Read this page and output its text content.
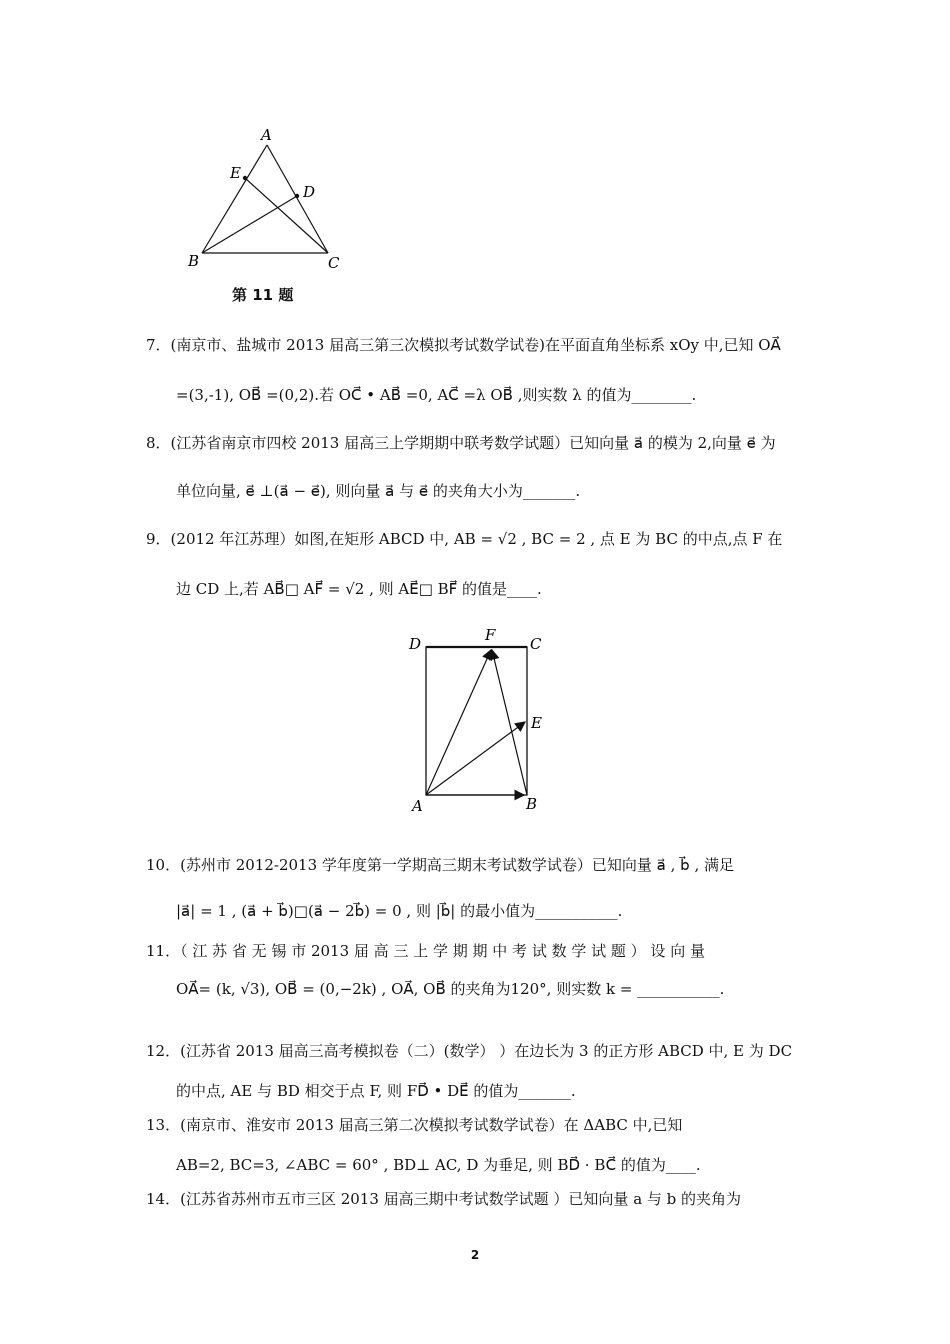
A
E
D
B	C
第 11 题
7．(南京市、盐城市 2013 届高三第三次模拟考试数学试卷)在平面直角坐标系 xOy 中,已知 OA⃗
=(3,-1), OB⃗ =(0,2).若 OC⃗ • AB⃗ =0, AC⃗ =λ OB⃗ ,则实数 λ 的值为________.
8．(江苏省南京市四校 2013 届高三上学期期中联考数学试题）已知向量 a⃗ 的模为 2,向量 e⃗ 为
单位向量, e⃗ ⊥(a⃗ − e⃗), 则向量 a⃗ 与 e⃗ 的夹角大小为_______.
9．(2012 年江苏理）如图,在矩形 ABCD 中, AB = √2 , BC = 2 , 点 E 为 BC 的中点,点 F 在
边 CD 上,若 AB⃗□ AF⃗ = √2 , 则 AE⃗□ BF⃗ 的值是____.
D	F C
E
A	B
10．(苏州市 2012-2013 学年度第一学期高三期末考试数学试卷）已知向量 a⃗ , b⃗ , 满足
|a⃗| = 1 , (a⃗ + b⃗)□(a⃗ − 2b⃗) = 0 , 则 |b⃗| 的最小值为___________.
11．（ 江 苏 省 无 锡 市 2013 届 高 三 上 学 期 期 中 考 试 数 学 试 题 ） 设 向 量
OA⃗= (k, √3), OB⃗ = (0,−2k) , OA⃗, OB⃗ 的夹角为120°, 则实数 k = ___________.
12．(江苏省 2013 届高三高考模拟卷（二）(数学） ）在边长为 3 的正方形 ABCD 中, E 为 DC
的中点, AE 与 BD 相交于点 F, 则 FD⃗ • DE⃗ 的值为_______.
13．(南京市、淮安市 2013 届高三第二次模拟考试数学试卷）在 ΔABC 中,已知
AB=2, BC=3, ∠ABC = 60° , BD⊥ AC, D 为垂足, 则 BD⃗ · BC⃗ 的值为____.
14．(江苏省苏州市五市三区 2013 届高三期中考试数学试题 ）已知向量 a 与 b 的夹角为
2
